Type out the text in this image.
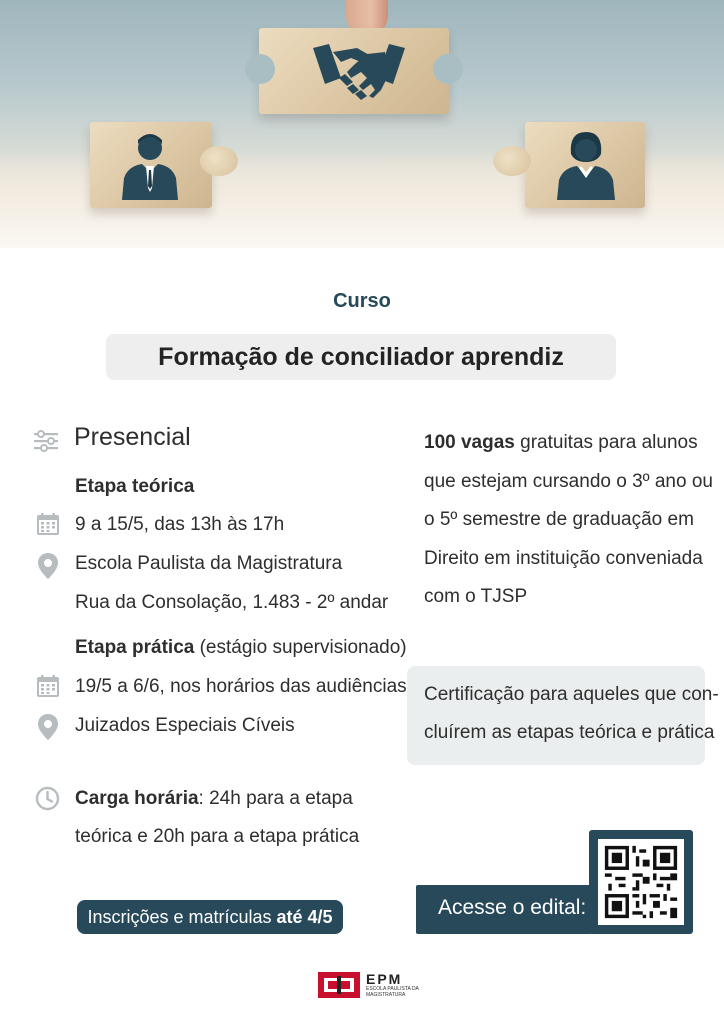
Curso
Formação de conciliador aprendiz
Presencial
Etapa teórica
9 a 15/5, das 13h às 17h
Escola Paulista da Magistratura
Rua da Consolação, 1.483 - 2º andar
Etapa prática (estágio supervisionado)
19/5 a 6/6, nos horários das audiências
Juizados Especiais Cíveis
Carga horária: 24h para a etapa
teórica e 20h para a etapa prática

100 vagas gratuitas para alunos

que estejam cursando o 3º ano ou

o 5º semestre de graduação em

Direito em instituição conveniada

com o TJSP

Certificação para aqueles que con-

cluírem as etapas teórica e prática

Inscrições e matrículas até 4/5	Acesse o edital:
EPM
ESCOLA PAULISTA DA
MAGISTRATURA
